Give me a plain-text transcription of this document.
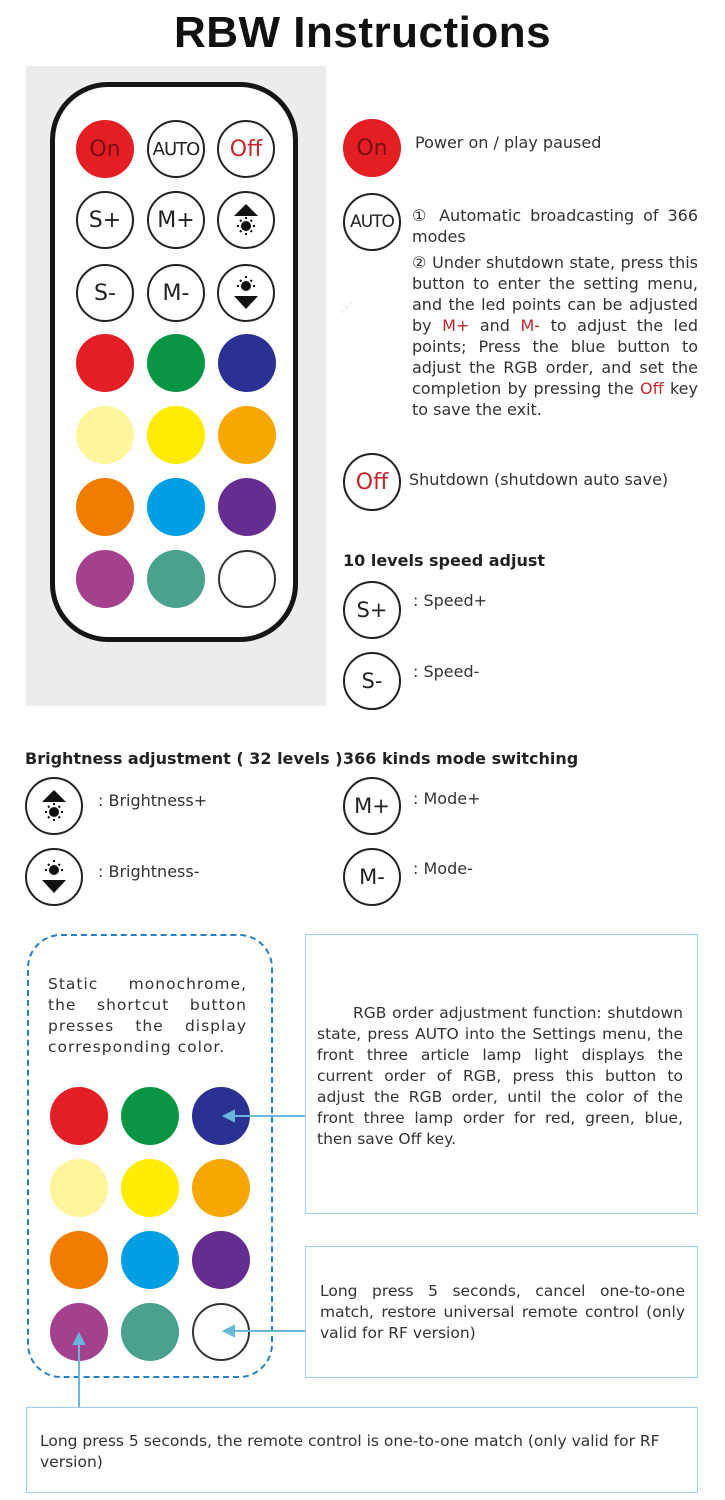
⋰
RBW Instructions
On	AUTO	Off
S+	M+
S-	M-
On	Power on / play paused
AUTO	① Automatic broadcasting of 366 modes
② Under shutdown state, press this button to enter the setting menu, and the led points can be adjusted by M+ and M- to adjust the led points; Press the blue button to adjust the RGB order, and set the completion by pressing the Off key to save the exit.
Off	Shutdown (shutdown auto save)
10 levels speed adjust
S+	: Speed+
S-	: Speed-
Brightness adjustment ( 32 levels )
: Brightness+
: Brightness-
366 kinds mode switching
M+	: Mode+
M-	: Mode-
Static monochrome, the shortcut button presses the display corresponding color.
RGB order adjustment function: shutdown state, press AUTO into the Settings menu, the front three article lamp light displays the current order of RGB, press this button to adjust the RGB order, until the color of the front three lamp order for red, green, blue, then save Off key.
Long press 5 seconds, cancel one-to-one match, restore universal remote control (only valid for RF version)
Long press 5 seconds, the remote control is one-to-one match (only valid for RF version)
